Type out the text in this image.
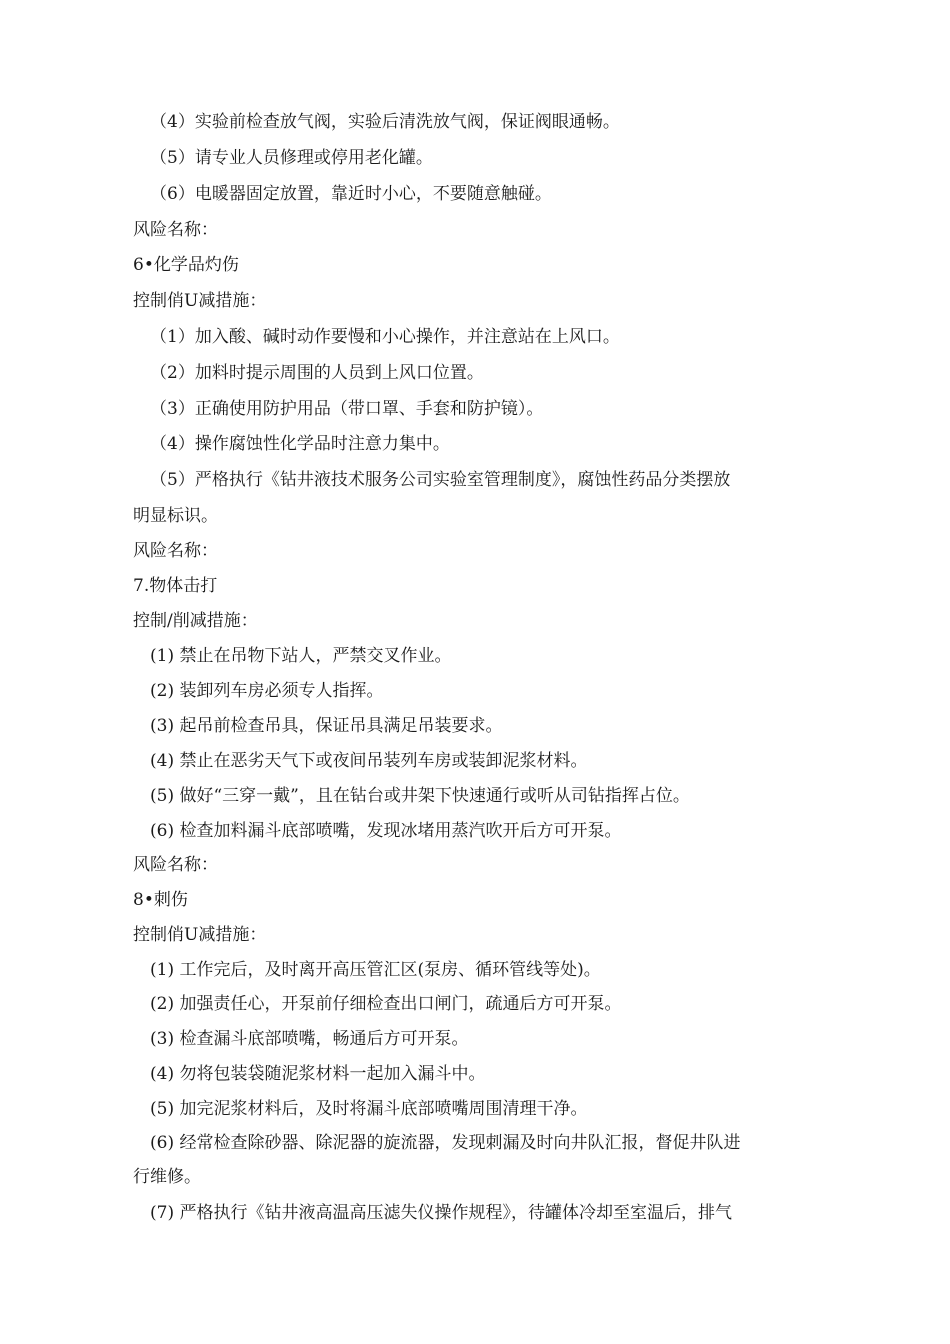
（4）实验前检查放气阀，实验后清洗放气阀，保证阀眼通畅。
（5）请专业人员修理或停用老化罐。
（6）电暖器固定放置，靠近时小心，不要随意触碰。
风险名称：
6•化学品灼伤
控制俏U减措施：
（1）加入酸、碱时动作要慢和小心操作，并注意站在上风口。
（2）加料时提示周围的人员到上风口位置。
（3）正确使用防护用品（带口罩、手套和防护镜）。
（4）操作腐蚀性化学品时注意力集中。
（5）严格执行《钻井液技术服务公司实验室管理制度》，腐蚀性药品分类摆放
明显标识。
风险名称：
7.物体击打
控制/削减措施：
(1) 禁止在吊物下站人，严禁交叉作业。
(2) 装卸列车房必须专人指挥。
(3) 起吊前检查吊具，保证吊具满足吊装要求。
(4) 禁止在恶劣天气下或夜间吊装列车房或装卸泥浆材料。
(5) 做好“三穿一戴”，且在钻台或井架下快速通行或听从司钻指挥占位。
(6) 检查加料漏斗底部喷嘴，发现冰堵用蒸汽吹开后方可开泵。
风险名称：
8•刺伤
控制俏U减措施：
(1) 工作完后，及时离开高压管汇区(泵房、循环管线等处)。
(2) 加强责任心，开泵前仔细检查出口闸门，疏通后方可开泵。
(3) 检查漏斗底部喷嘴，畅通后方可开泵。
(4) 勿将包装袋随泥浆材料一起加入漏斗中。
(5) 加完泥浆材料后，及时将漏斗底部喷嘴周围清理干净。
(6) 经常检查除砂器、除泥器的旋流器，发现刺漏及时向井队汇报，督促井队进
行维修。
(7) 严格执行《钻井液高温高压滤失仪操作规程》，待罐体冷却至室温后，排气
